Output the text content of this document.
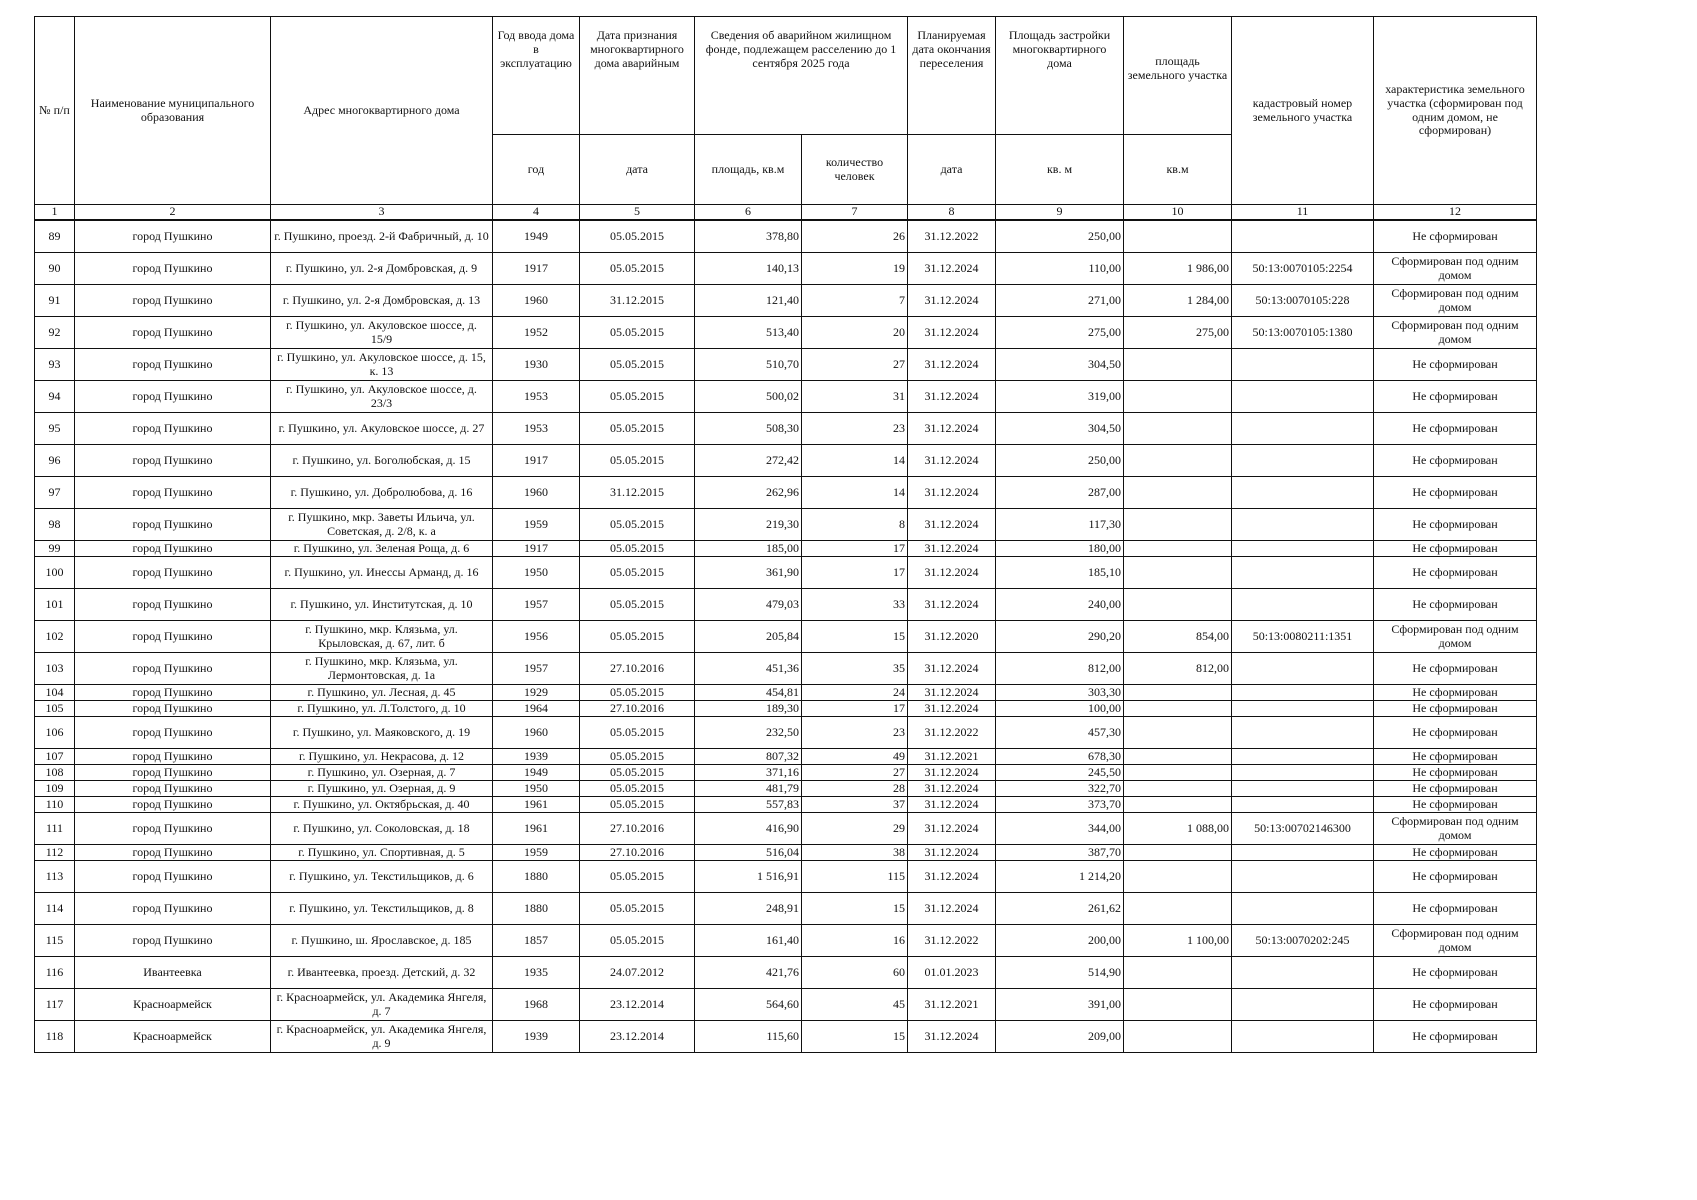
№ п/п	Наименование муниципального образования	Адрес многоквартирного дома	Год ввода дома в эксплуатацию	Дата признания многоквартирного дома аварийным	Сведения об аварийном жилищном фонде, подлежащем расселению до 1 сентября 2025 года		Планируемая дата окончания переселения	Площадь застройки многоквартирного дома	площадь земельного участка	кадастровый номер земельного участка	характеристика земельного участка (сформирован под одним домом, не сформирован)
			год	дата	площадь, кв.м	количество человек	дата	кв. м	кв.м		
1	2	3	4	5	6	7	8	9	10	11	12
89	город Пушкино	г. Пушкино, проезд. 2-й Фабричный, д. 10	1949	05.05.2015	378,80	26	31.12.2022	250,00			Не сформирован
90	город Пушкино	г. Пушкино, ул. 2-я Домбровская, д. 9	1917	05.05.2015	140,13	19	31.12.2024	110,00	1 986,00	50:13:0070105:2254	Сформирован под одним домом
91	город Пушкино	г. Пушкино, ул. 2-я Домбровская, д. 13	1960	31.12.2015	121,40	7	31.12.2024	271,00	1 284,00	50:13:0070105:228	Сформирован под одним домом
92	город Пушкино	г. Пушкино, ул. Акуловское шоссе, д. 15/9	1952	05.05.2015	513,40	20	31.12.2024	275,00	275,00	50:13:0070105:1380	Сформирован под одним домом
93	город Пушкино	г. Пушкино, ул. Акуловское шоссе, д. 15, к. 13	1930	05.05.2015	510,70	27	31.12.2024	304,50			Не сформирован
94	город Пушкино	г. Пушкино, ул. Акуловское шоссе, д. 23/3	1953	05.05.2015	500,02	31	31.12.2024	319,00			Не сформирован
95	город Пушкино	г. Пушкино, ул. Акуловское шоссе, д. 27	1953	05.05.2015	508,30	23	31.12.2024	304,50			Не сформирован
96	город Пушкино	г. Пушкино, ул. Боголюбская, д. 15	1917	05.05.2015	272,42	14	31.12.2024	250,00			Не сформирован
97	город Пушкино	г. Пушкино, ул. Добролюбова, д. 16	1960	31.12.2015	262,96	14	31.12.2024	287,00			Не сформирован
98	город Пушкино	г. Пушкино, мкр. Заветы Ильича, ул. Советская, д. 2/8, к. а	1959	05.05.2015	219,30	8	31.12.2024	117,30			Не сформирован
99	город Пушкино	г. Пушкино, ул. Зеленая Роща, д. 6	1917	05.05.2015	185,00	17	31.12.2024	180,00			Не сформирован
100	город Пушкино	г. Пушкино, ул. Инессы Арманд, д. 16	1950	05.05.2015	361,90	17	31.12.2024	185,10			Не сформирован
101	город Пушкино	г. Пушкино, ул. Институтская, д. 10	1957	05.05.2015	479,03	33	31.12.2024	240,00			Не сформирован
102	город Пушкино	г. Пушкино, мкр. Клязьма, ул. Крыловская, д. 67, лит. б	1956	05.05.2015	205,84	15	31.12.2020	290,20	854,00	50:13:0080211:1351	Сформирован под одним домом
103	город Пушкино	г. Пушкино, мкр. Клязьма, ул. Лермонтовская, д. 1а	1957	27.10.2016	451,36	35	31.12.2024	812,00	812,00		Не сформирован
104	город Пушкино	г. Пушкино, ул. Лесная, д. 45	1929	05.05.2015	454,81	24	31.12.2024	303,30			Не сформирован
105	город Пушкино	г. Пушкино, ул. Л.Толстого, д. 10	1964	27.10.2016	189,30	17	31.12.2024	100,00			Не сформирован
106	город Пушкино	г. Пушкино, ул. Маяковского, д. 19	1960	05.05.2015	232,50	23	31.12.2022	457,30			Не сформирован
107	город Пушкино	г. Пушкино, ул. Некрасова, д. 12	1939	05.05.2015	807,32	49	31.12.2021	678,30			Не сформирован
108	город Пушкино	г. Пушкино, ул. Озерная, д. 7	1949	05.05.2015	371,16	27	31.12.2024	245,50			Не сформирован
109	город Пушкино	г. Пушкино, ул. Озерная, д. 9	1950	05.05.2015	481,79	28	31.12.2024	322,70			Не сформирован
110	город Пушкино	г. Пушкино, ул. Октябрьская, д. 40	1961	05.05.2015	557,83	37	31.12.2024	373,70			Не сформирован
111	город Пушкино	г. Пушкино, ул. Соколовская, д. 18	1961	27.10.2016	416,90	29	31.12.2024	344,00	1 088,00	50:13:00702146300	Сформирован под одним домом
112	город Пушкино	г. Пушкино, ул. Спортивная, д. 5	1959	27.10.2016	516,04	38	31.12.2024	387,70			Не сформирован
113	город Пушкино	г. Пушкино, ул. Текстильщиков, д. 6	1880	05.05.2015	1 516,91	115	31.12.2024	1 214,20			Не сформирован
114	город Пушкино	г. Пушкино, ул. Текстильщиков, д. 8	1880	05.05.2015	248,91	15	31.12.2024	261,62			Не сформирован
115	город Пушкино	г. Пушкино, ш. Ярославское, д. 185	1857	05.05.2015	161,40	16	31.12.2022	200,00	1 100,00	50:13:0070202:245	Сформирован под одним домом
116	Ивантеевка	г. Ивантеевка, проезд. Детский, д. 32	1935	24.07.2012	421,76	60	01.01.2023	514,90			Не сформирован
117	Красноармейск	г. Красноармейск, ул. Академика Янгеля, д. 7	1968	23.12.2014	564,60	45	31.12.2021	391,00			Не сформирован
118	Красноармейск	г. Красноармейск, ул. Академика Янгеля, д. 9	1939	23.12.2014	115,60	15	31.12.2024	209,00			Не сформирован
